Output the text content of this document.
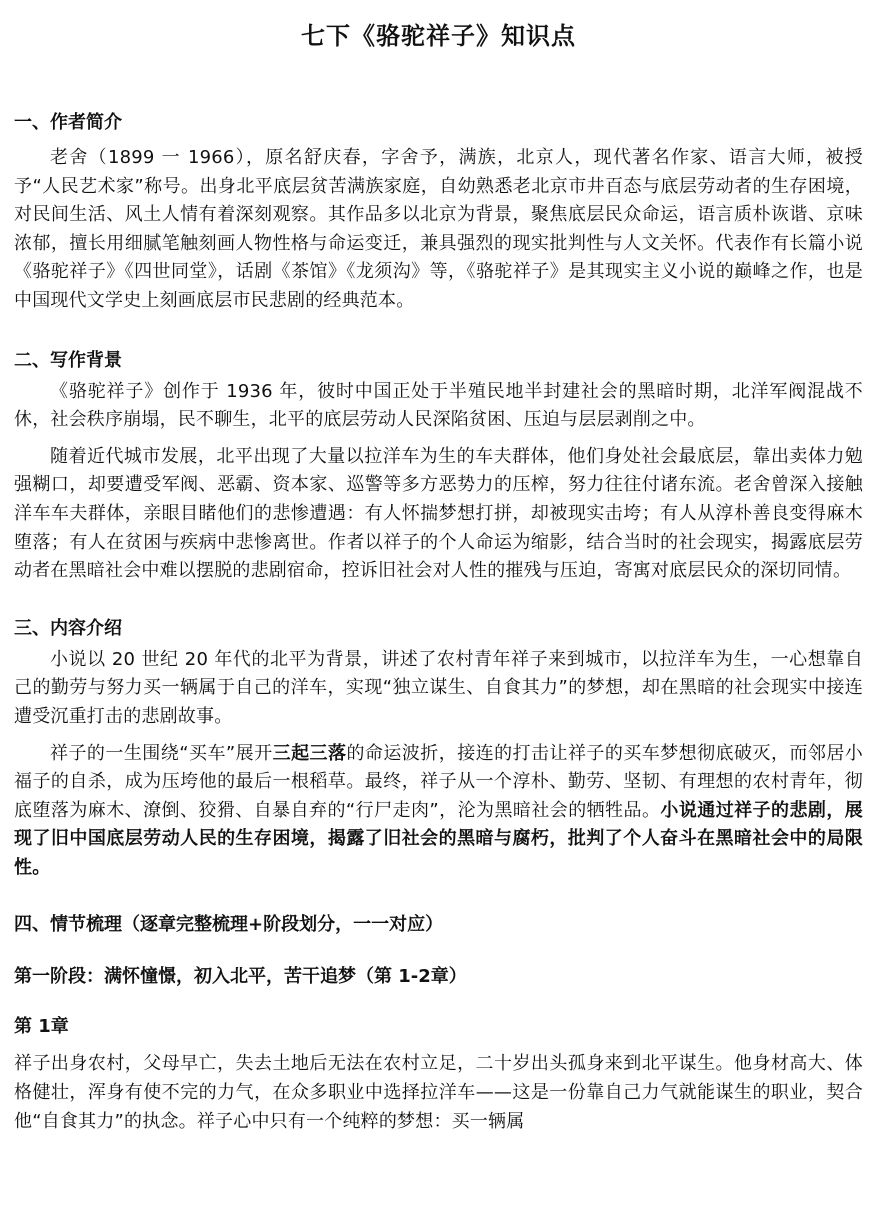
七下《骆驼祥子》知识点
一、作者简介

老舍（1899 一 1966），原名舒庆春，字舍予，满族，北京人，现代著名作家、语言大师，被授予“人民艺术家”称号。出身北平底层贫苦满族家庭，自幼熟悉老北京市井百态与底层劳动者的生存困境，对民间生活、风土人情有着深刻观察。其作品多以北京为背景，聚焦底层民众命运，语言质朴诙谐、京味浓郁，擅长用细腻笔触刻画人物性格与命运变迁，兼具强烈的现实批判性与人文关怀。代表作有长篇小说《骆驼祥子》《四世同堂》，话剧《茶馆》《龙须沟》等，《骆驼祥子》是其现实主义小说的巅峰之作，也是中国现代文学史上刻画底层市民悲剧的经典范本。

二、写作背景

《骆驼祥子》创作于 1936 年，彼时中国正处于半殖民地半封建社会的黑暗时期，北洋军阀混战不休，社会秩序崩塌，民不聊生，北平的底层劳动人民深陷贫困、压迫与层层剥削之中。

随着近代城市发展，北平出现了大量以拉洋车为生的车夫群体，他们身处社会最底层，靠出卖体力勉强糊口，却要遭受军阀、恶霸、资本家、巡警等多方恶势力的压榨，努力往往付诸东流。老舍曾深入接触洋车车夫群体，亲眼目睹他们的悲惨遭遇：有人怀揣梦想打拼，却被现实击垮；有人从淳朴善良变得麻木堕落；有人在贫困与疾病中悲惨离世。作者以祥子的个人命运为缩影，结合当时的社会现实，揭露底层劳动者在黑暗社会中难以摆脱的悲剧宿命，控诉旧社会对人性的摧残与压迫，寄寓对底层民众的深切同情。

三、内容介绍

小说以 20 世纪 20 年代的北平为背景，讲述了农村青年祥子来到城市，以拉洋车为生，一心想靠自己的勤劳与努力买一辆属于自己的洋车，实现“独立谋生、自食其力”的梦想，却在黑暗的社会现实中接连遭受沉重打击的悲剧故事。

祥子的一生围绕“买车”展开三起三落的命运波折，接连的打击让祥子的买车梦想彻底破灭，而邻居小福子的自杀，成为压垮他的最后一根稻草。最终，祥子从一个淳朴、勤劳、坚韧、有理想的农村青年，彻底堕落为麻木、潦倒、狡猾、自暴自弃的“行尸走肉”，沦为黑暗社会的牺牲品。小说通过祥子的悲剧，展现了旧中国底层劳动人民的生存困境，揭露了旧社会的黑暗与腐朽，批判了个人奋斗在黑暗社会中的局限性。

四、情节梳理（逐章完整梳理+阶段划分，一一对应）
第一阶段：满怀憧憬，初入北平，苦干追梦（第 1-2章）
第 1章

祥子出身农村，父母早亡，失去土地后无法在农村立足，二十岁出头孤身来到北平谋生。他身材高大、体格健壮，浑身有使不完的力气，在众多职业中选择拉洋车——这是一份靠自己力气就能谋生的职业，契合他“自食其力”的执念。祥子心中只有一个纯粹的梦想：买一辆属
